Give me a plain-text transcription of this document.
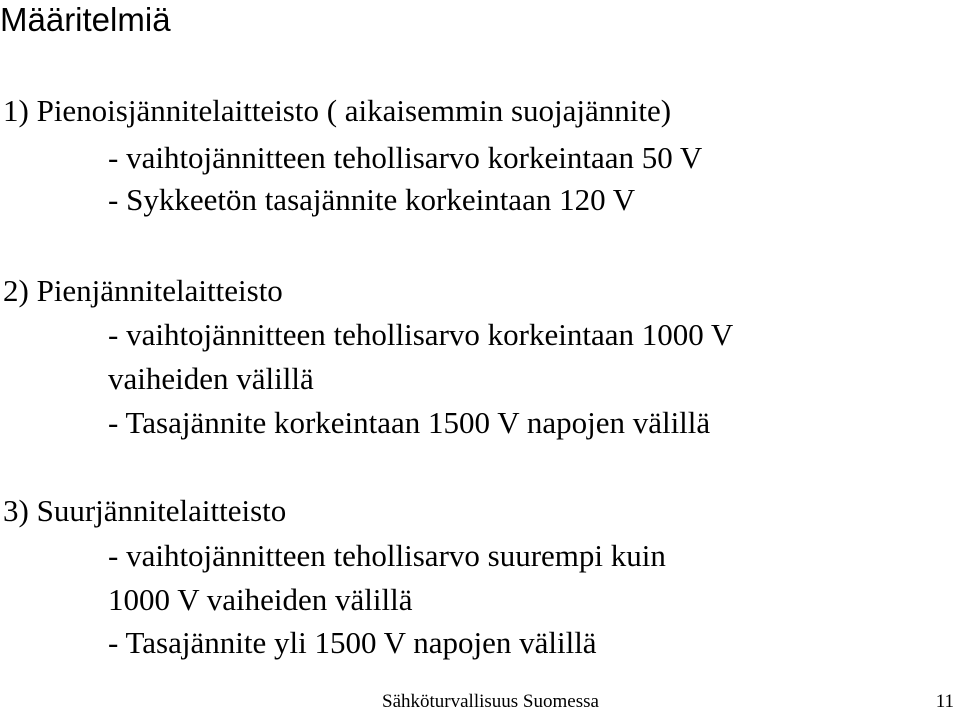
Määritelmiä
1) Pienoisjännitelaitteisto ( aikaisemmin suojajännite)
- vaihtojännitteen tehollisarvo korkeintaan 50 V
- Sykkeetön tasajännite korkeintaan 120 V
2) Pienjännitelaitteisto
- vaihtojännitteen tehollisarvo korkeintaan 1000 V
vaiheiden välillä
- Tasajännite korkeintaan 1500 V napojen välillä
3) Suurjännitelaitteisto
- vaihtojännitteen tehollisarvo suurempi kuin
1000 V vaiheiden välillä
- Tasajännite yli 1500 V napojen välillä
Sähköturvallisuus Suomessa	11
